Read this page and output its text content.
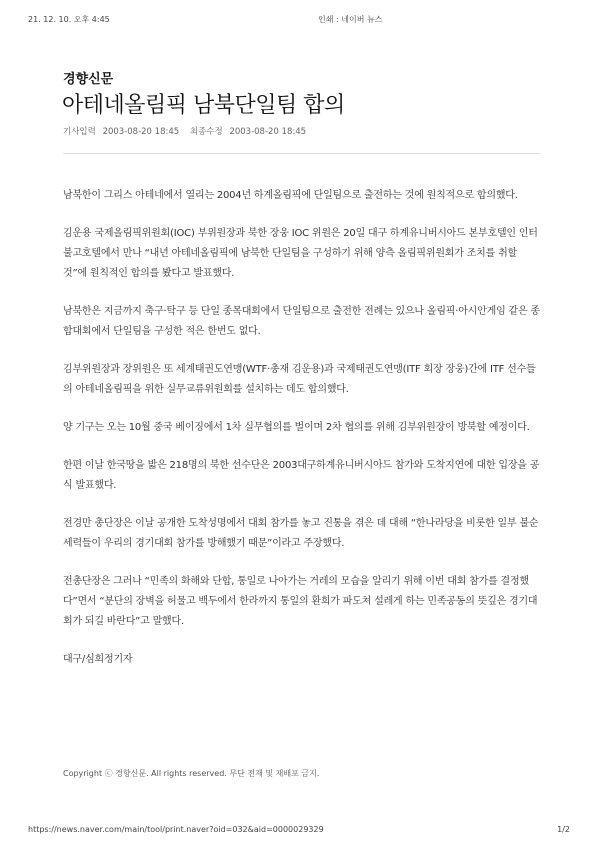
21. 12. 10. 오후 4:45	인쇄 : 네이버 뉴스
경향신문
아테네올림픽 남북단일팀 합의
기사입력 2003-08-20 18:45 최종수정 2003-08-20 18:45

남북한이 그리스 아테네에서 열리는 2004년 하계올림픽에 단일팀으로 출전하는 것에 원칙적으로 합의했다.

김운용 국제올림픽위원회(IOC) 부위원장과 북한 장웅 IOC 위원은 20일 대구 하계유니버시아드 본부호텔인 인터불고호텔에서 만나 “내년 아테네올림픽에 남북한 단일팀을 구성하기 위해 양측 올림픽위원회가 조치를 취할 것”에 원칙적인 합의를 봤다고 발표했다.

남북한은 지금까지 축구·탁구 등 단일 종목대회에서 단일팀으로 출전한 전례는 있으나 올림픽·아시안게임 같은 종합대회에서 단일팀을 구성한 적은 한번도 없다.

김부위원장과 장위원은 또 세계태권도연맹(WTF·총재 김운용)과 국제태권도연맹(ITF 회장 장웅)간에 ITF 선수들의 아테네올림픽을 위한 실무교류위원회를 설치하는 데도 합의했다.

양 기구는 오는 10월 중국 베이징에서 1차 실무협의를 벌이며 2차 협의를 위해 김부위원장이 방북할 예정이다.

한편 이날 한국땅을 밟은 218명의 북한 선수단은 2003대구하계유니버시아드 참가와 도착지연에 대한 입장을 공식 발표했다.

전경만 총단장은 이날 공개한 도착성명에서 대회 참가를 놓고 진통을 겪은 데 대해 “한나라당을 비롯한 일부 불순세력들이 우리의 경기대회 참가를 방해했기 때문”이라고 주장했다.

전총단장은 그러나 “민족의 화해와 단합, 통일로 나아가는 거레의 모습을 알리기 위해 이번 대회 참가를 결정했다”면서 “분단의 장벽을 허물고 백두에서 한라까지 통일의 환희가 파도쳐 설레게 하는 민족공동의 뜻깊은 경기대회가 되길 바란다”고 말했다.

대구/심희정기자

Copyright ⓒ 경향신문. All rights reserved. 무단 전재 및 재배포 금지.
https://news.naver.com/main/tool/print.naver?oid=032&aid=0000029329	1/2
